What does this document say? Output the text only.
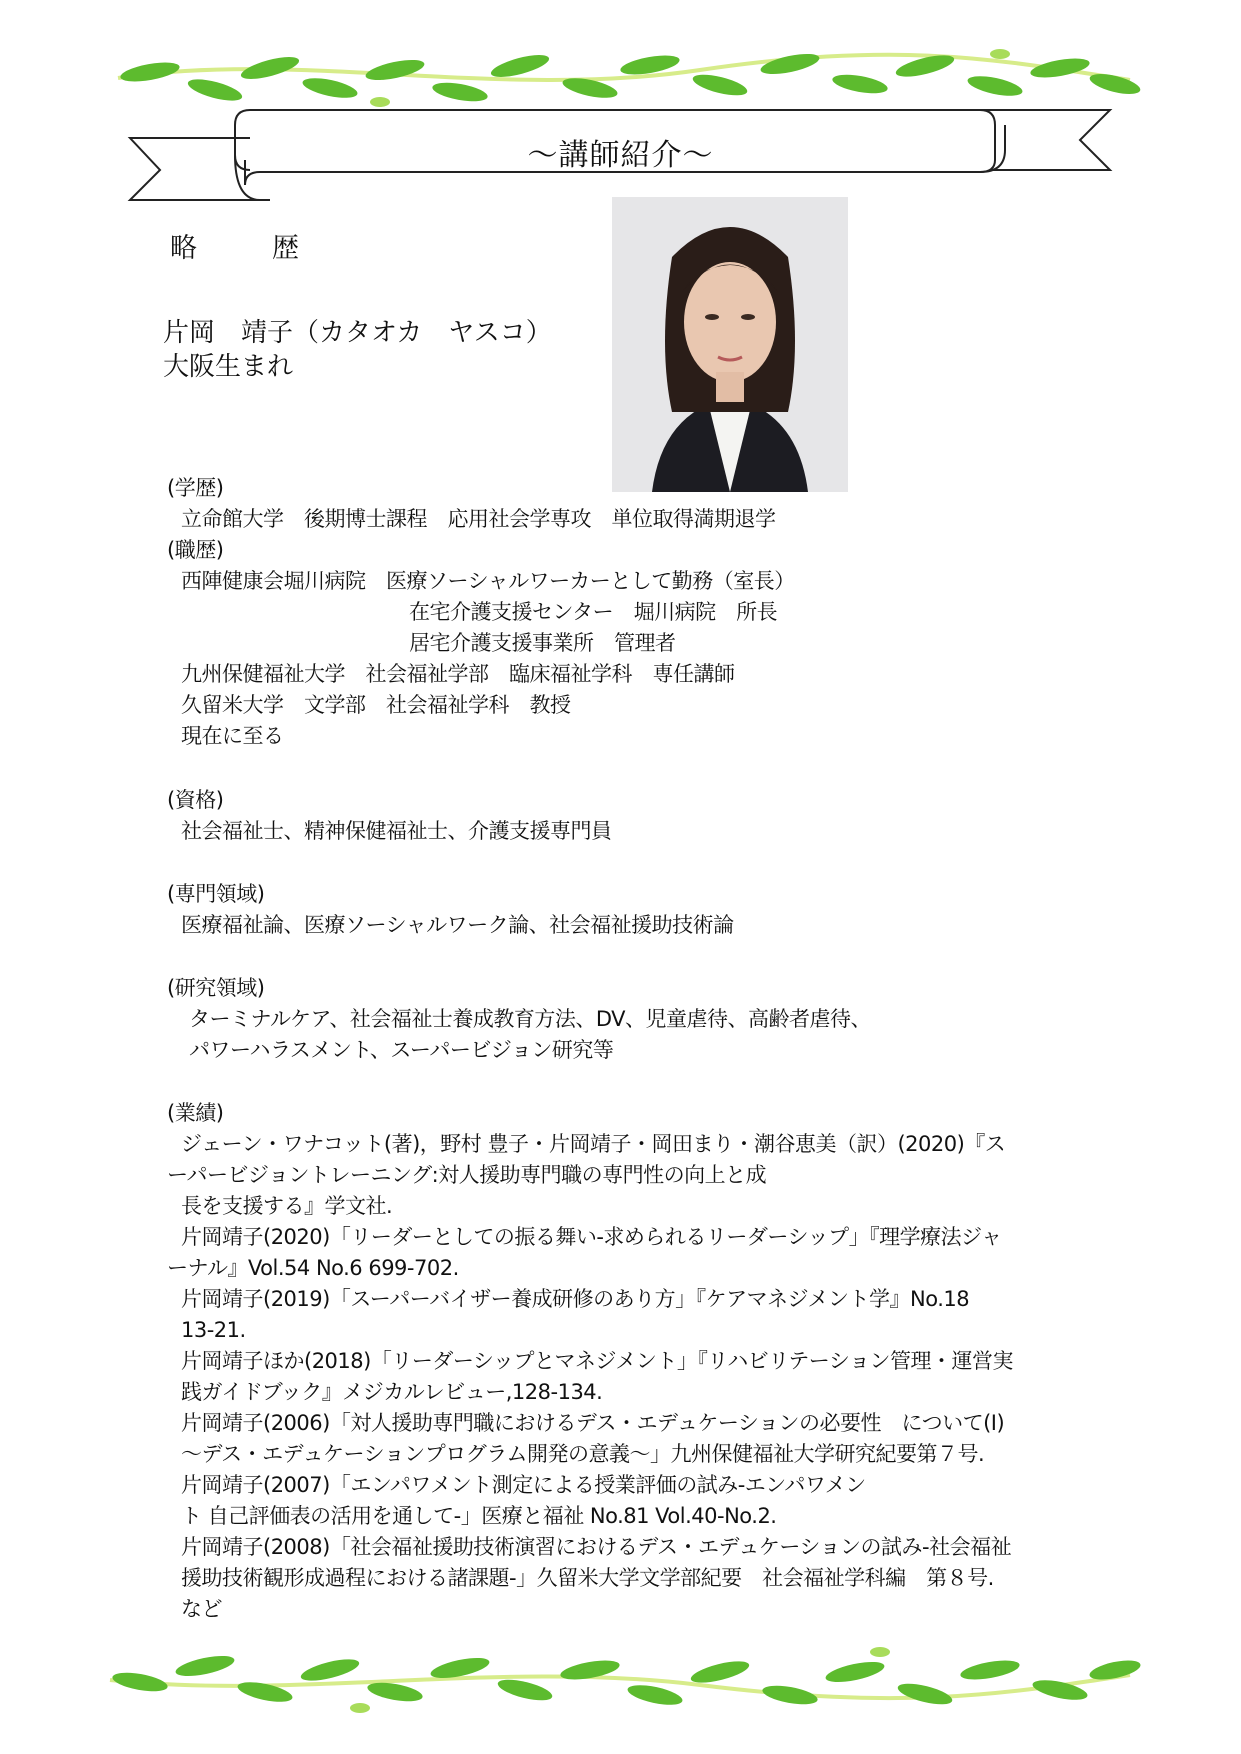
～講師紹介～
略　歴
片岡　靖子（カタオカ　ヤスコ）
大阪生まれ
(学歴)
立命館大学　後期博士課程　応用社会学専攻　単位取得満期退学
(職歴)
西陣健康会堀川病院　医療ソーシャルワーカーとして勤務（室長）
在宅介護支援センター　堀川病院　所長
居宅介護支援事業所　管理者
九州保健福祉大学　社会福祉学部　臨床福祉学科　専任講師
久留米大学　文学部　社会福祉学科　教授
現在に至る
(資格)
社会福祉士、精神保健福祉士、介護支援専門員
(専門領域)
医療福祉論、医療ソーシャルワーク論、社会福祉援助技術論
(研究領域)
ターミナルケア、社会福祉士養成教育方法、DV、児童虐待、高齢者虐待、
パワーハラスメント、スーパービジョン研究等
(業績)

ジェーン・ワナコット(著)，野村 豊子・片岡靖子・岡田まり・潮谷恵美（訳）(2020)『ス

ーパービジョントレーニング:対人援助専門職の専門性の向上と成

長を支援する』学文社.

片岡靖子(2020)「リーダーとしての振る舞い-求められるリーダーシップ」『理学療法ジャ

ーナル』Vol.54 No.6 699-702.

片岡靖子(2019)「スーパーバイザー養成研修のあり方」『ケアマネジメント学』No.18

13-21.

片岡靖子ほか(2018)「リーダーシップとマネジメント」『リハビリテーション管理・運営実

践ガイドブック』メジカルレビュー,128-134.

片岡靖子(2006)「対人援助専門職におけるデス・エデュケーションの必要性　について(Ⅰ)

～デス・エデュケーションプログラム開発の意義～」九州保健福祉大学研究紀要第７号.

片岡靖子(2007)「エンパワメント測定による授業評価の試み-エンパワメン

ト 自己評価表の活用を通して-」医療と福祉 No.81 Vol.40-No.2.

片岡靖子(2008)「社会福祉援助技術演習におけるデス・エデュケーションの試み-社会福祉

援助技術観形成過程における諸課題-」久留米大学文学部紀要　社会福祉学科編　第８号.

など
